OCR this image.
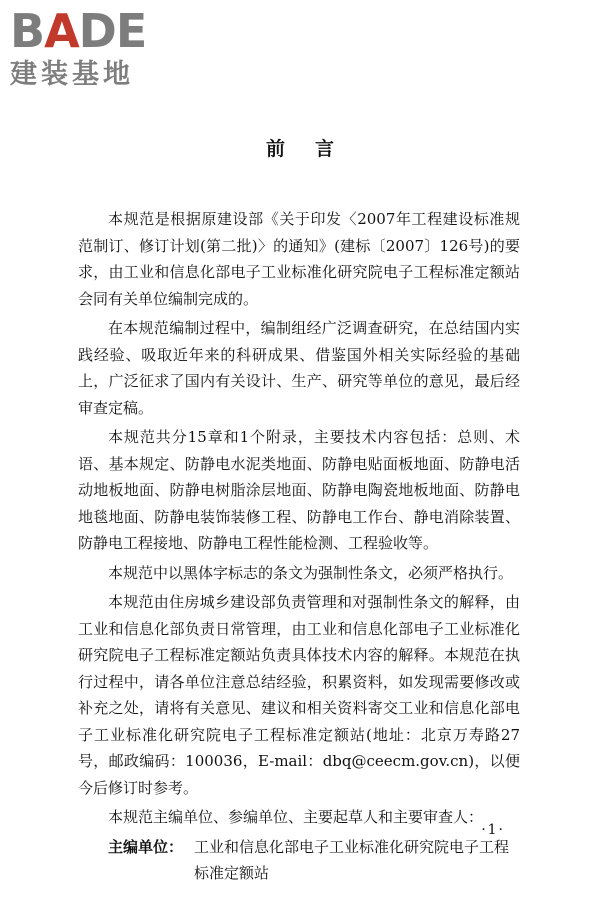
BADE
建装基地
前言

本规范是根据原建设部《关于印发〈2007年工程建设标准规范制订、修订计划(第二批)〉的通知》(建标〔2007〕126号)的要求，由工业和信息化部电子工业标准化研究院电子工程标准定额站会同有关单位编制完成的。

在本规范编制过程中，编制组经广泛调查研究，在总结国内实践经验、吸取近年来的科研成果、借鉴国外相关实际经验的基础上，广泛征求了国内有关设计、生产、研究等单位的意见，最后经审查定稿。

本规范共分15章和1个附录，主要技术内容包括：总则、术语、基本规定、防静电水泥类地面、防静电贴面板地面、防静电活动地板地面、防静电树脂涂层地面、防静电陶瓷地板地面、防静电地毯地面、防静电装饰装修工程、防静电工作台、静电消除装置、防静电工程接地、防静电工程性能检测、工程验收等。

本规范中以黑体字标志的条文为强制性条文，必须严格执行。

本规范由住房城乡建设部负责管理和对强制性条文的解释，由工业和信息化部负责日常管理，由工业和信息化部电子工业标准化研究院电子工程标准定额站负责具体技术内容的解释。本规范在执行过程中，请各单位注意总结经验，积累资料，如发现需要修改或补充之处，请将有关意见、建议和相关资料寄交工业和信息化部电子工业标准化研究院电子工程标准定额站(地址：北京万寿路27号，邮政编码：100036，E-mail：dbq@ceecm.gov.cn)，以便今后修订时参考。

本规范主编单位、参编单位、主要起草人和主要审查人：

主编单位： 工业和信息化部电子工业标准化研究院电子工程标准定额站
·1·
